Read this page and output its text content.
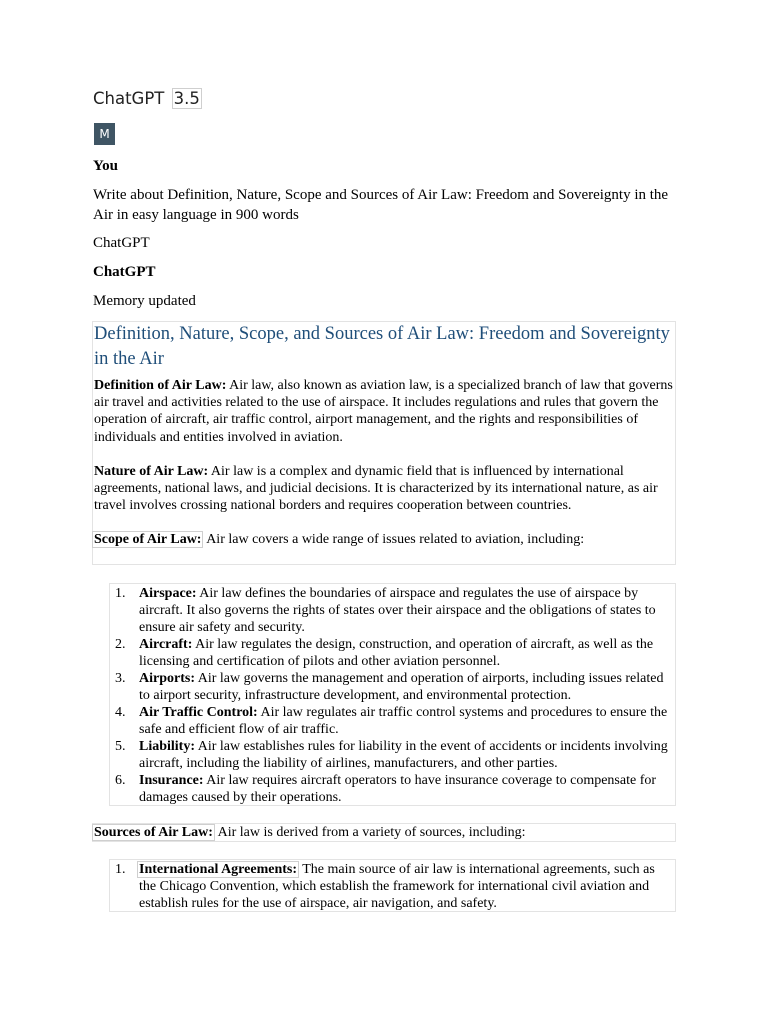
ChatGPT 3.5
M
You
Write about Definition, Nature, Scope and Sources of Air Law: Freedom and Sovereignty in the Air in easy language in 900 words
ChatGPT
ChatGPT
Memory updated
Definition, Nature, Scope, and Sources of Air Law: Freedom and Sovereignty in the Air

Definition of Air Law: Air law, also known as aviation law, is a specialized branch of law that governs air travel and activities related to the use of airspace. It includes regulations and rules that govern the operation of aircraft, air traffic control, airport management, and the rights and responsibilities of individuals and entities involved in aviation.

Nature of Air Law: Air law is a complex and dynamic field that is influenced by international agreements, national laws, and judicial decisions. It is characterized by its international nature, as air travel involves crossing national borders and requires cooperation between countries.

Scope of Air Law: Air law covers a wide range of issues related to aviation, including:

1. Airspace: Air law defines the boundaries of airspace and regulates the use of airspace by aircraft. It also governs the rights of states over their airspace and the obligations of states to ensure air safety and security.
2. Aircraft: Air law regulates the design, construction, and operation of aircraft, as well as the licensing and certification of pilots and other aviation personnel.
3. Airports: Air law governs the management and operation of airports, including issues related to airport security, infrastructure development, and environmental protection.
4. Air Traffic Control: Air law regulates air traffic control systems and procedures to ensure the safe and efficient flow of air traffic.
5. Liability: Air law establishes rules for liability in the event of accidents or incidents involving aircraft, including the liability of airlines, manufacturers, and other parties.
6. Insurance: Air law requires aircraft operators to have insurance coverage to compensate for damages caused by their operations.

Sources of Air Law: Air law is derived from a variety of sources, including:

1. International Agreements: The main source of air law is international agreements, such as the Chicago Convention, which establish the framework for international civil aviation and establish rules for the use of airspace, air navigation, and safety.
